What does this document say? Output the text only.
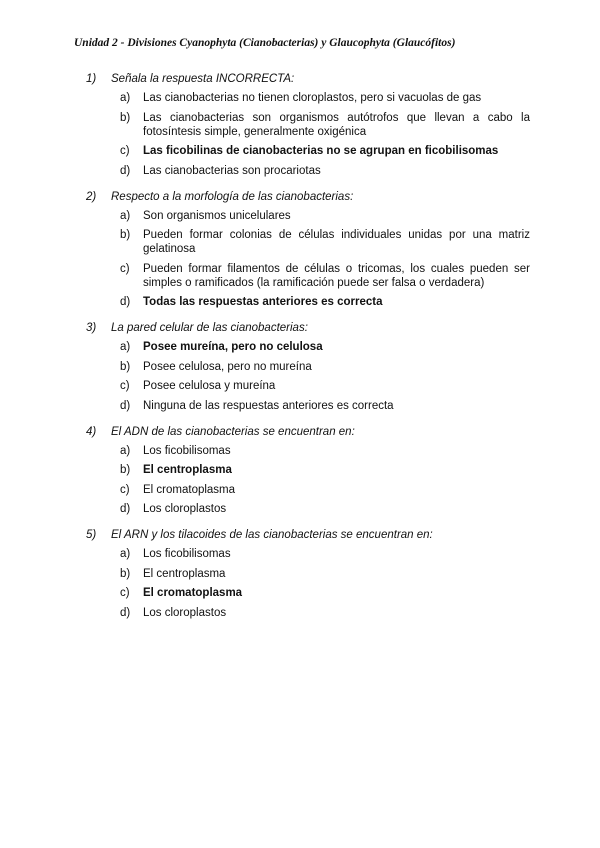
Unidad 2 - Divisiones Cyanophyta (Cianobacterias) y Glaucophyta (Glaucófitos)
1)	Señala la respuesta INCORRECTA:
a)	Las cianobacterias no tienen cloroplastos, pero si vacuolas de gas
b)	Las cianobacterias son organismos autótrofos que llevan a cabo la fotosíntesis simple, generalmente oxigénica
c)	Las ficobilinas de cianobacterias no se agrupan en ficobilisomas
d)	Las cianobacterias son procariotas
2)	Respecto a la morfología de las cianobacterias:
a)	Son organismos unicelulares
b)	Pueden formar colonias de células individuales unidas por una matriz gelatinosa
c)	Pueden formar filamentos de células o tricomas, los cuales pueden ser simples o ramificados (la ramificación puede ser falsa o verdadera)
d)	Todas las respuestas anteriores es correcta
3)	La pared celular de las cianobacterias:
a)	Posee mureína, pero no celulosa
b)	Posee celulosa, pero no mureína
c)	Posee celulosa y mureína
d)	Ninguna de las respuestas anteriores es correcta
4)	El ADN de las cianobacterias se encuentran en:
a)	Los ficobilisomas
b)	El centroplasma
c)	El cromatoplasma
d)	Los cloroplastos
5)	El ARN y los tilacoides de las cianobacterias se encuentran en:
a)	Los ficobilisomas
b)	El centroplasma
c)	El cromatoplasma
d)	Los cloroplastos
